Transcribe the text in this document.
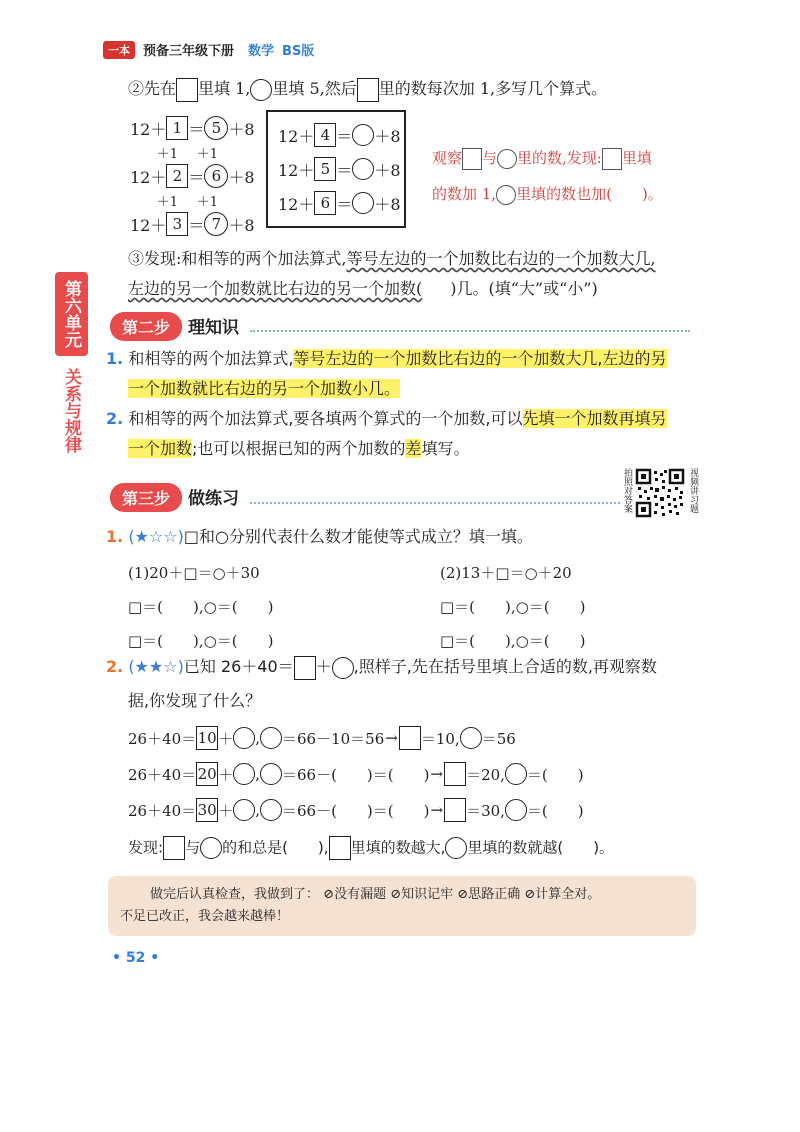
一本	预备三年级下册 数学 BS版
第六单元
关系与规律
②先在 里填 1, 里填 5,然后 里的数每次加 1,多写几个算式。
12＋ 1 ＝ 5 ＋8
＋1	＋1
12＋ 2 ＝ 6 ＋8
＋1	＋1
12＋ 3 ＝ 7 ＋8
12＋ 4 ＝ ＋8
12＋ 5 ＝ ＋8
12＋ 6 ＝ ＋8
观察 与 里的数,发现: 里填
的数加 1, 里填的数也加( )。
③发现:和相等的两个加法算式,等号左边的一个加数比右边的一个加数大几,
左边的另一个加数就比右边的另一个加数( )几。(填“大”或“小”)
第二步 理知识
1. 和相等的两个加法算式,等号左边的一个加数比右边的一个加数大几,左边的另
一个加数就比右边的另一个加数小几。
2. 和相等的两个加法算式,要各填两个算式的一个加数,可以先填一个加数再填另
一个加数;也可以根据已知的两个加数的差填写。
第三步 做练习	拍照对答案	视频讲习题
1. (★☆☆)□和○分别代表什么数才能使等式成立？填一填。
(1)20＋□＝○＋30
□＝(　　),○＝(　　)
□＝(　　),○＝(　　)
(2)13＋□＝○＋20
□＝(　　),○＝(　　)
□＝(　　),○＝(　　)
2. (★★☆)已知 26＋40＝ ＋ ,照样子,先在括号里填上合适的数,再观察数
据,你发现了什么？
26＋40＝ 10 ＋ , ＝66－10＝56 → ＝10, ＝56
26＋40＝ 20 ＋ , ＝66－(　　)＝(　　) → ＝20, ＝(　　)
26＋40＝ 30 ＋ , ＝66－(　　)＝(　　) → ＝30, ＝(　　)
发现: 与 的和总是(　　), 里填的数越大, 里填的数就越(　　)。
做完后认真检查，我做到了： ⊘没有漏题 ⊘知识记牢 ⊘思路正确 ⊘计算全对。
不足已改正，我会越来越棒！
• 52 •
